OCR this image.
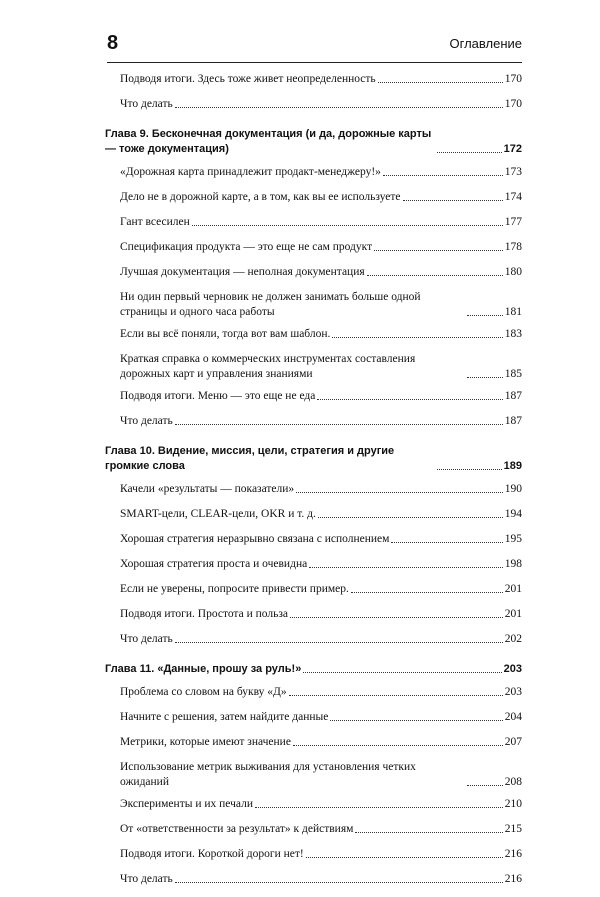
8	Оглавление
Подводя итоги. Здесь тоже живет неопределенность	170
Что делать	170
Глава 9. Бесконечная документация (и да, дорожные карты — тоже документация)	172
«Дорожная карта принадлежит продакт-менеджеру!»	173
Дело не в дорожной карте, а в том, как вы ее используете	174
Гант всесилен	177
Спецификация продукта — это еще не сам продукт	178
Лучшая документация — неполная документация	180
Ни один первый черновик не должен занимать больше одной страницы и одного часа работы	181
Если вы всё поняли, тогда вот вам шаблон.	183
Краткая справка о коммерческих инструментах составления дорожных карт и управления знаниями	185
Подводя итоги. Меню — это еще не еда	187
Что делать	187
Глава 10. Видение, миссия, цели, стратегия и другие громкие слова	189
Качели «результаты — показатели»	190
SMART-цели, CLEAR-цели, OKR и т. д.	194
Хорошая стратегия неразрывно связана с исполнением	195
Хорошая стратегия проста и очевидна	198
Если не уверены, попросите привести пример.	201
Подводя итоги. Простота и польза	201
Что делать	202
Глава 11. «Данные, прошу за руль!»	203
Проблема со словом на букву «Д»	203
Начните с решения, затем найдите данные	204
Метрики, которые имеют значение	207
Использование метрик выживания для установления четких ожиданий	208
Эксперименты и их печали	210
От «ответственности за результат» к действиям	215
Подводя итоги. Короткой дороги нет!	216
Что делать	216
